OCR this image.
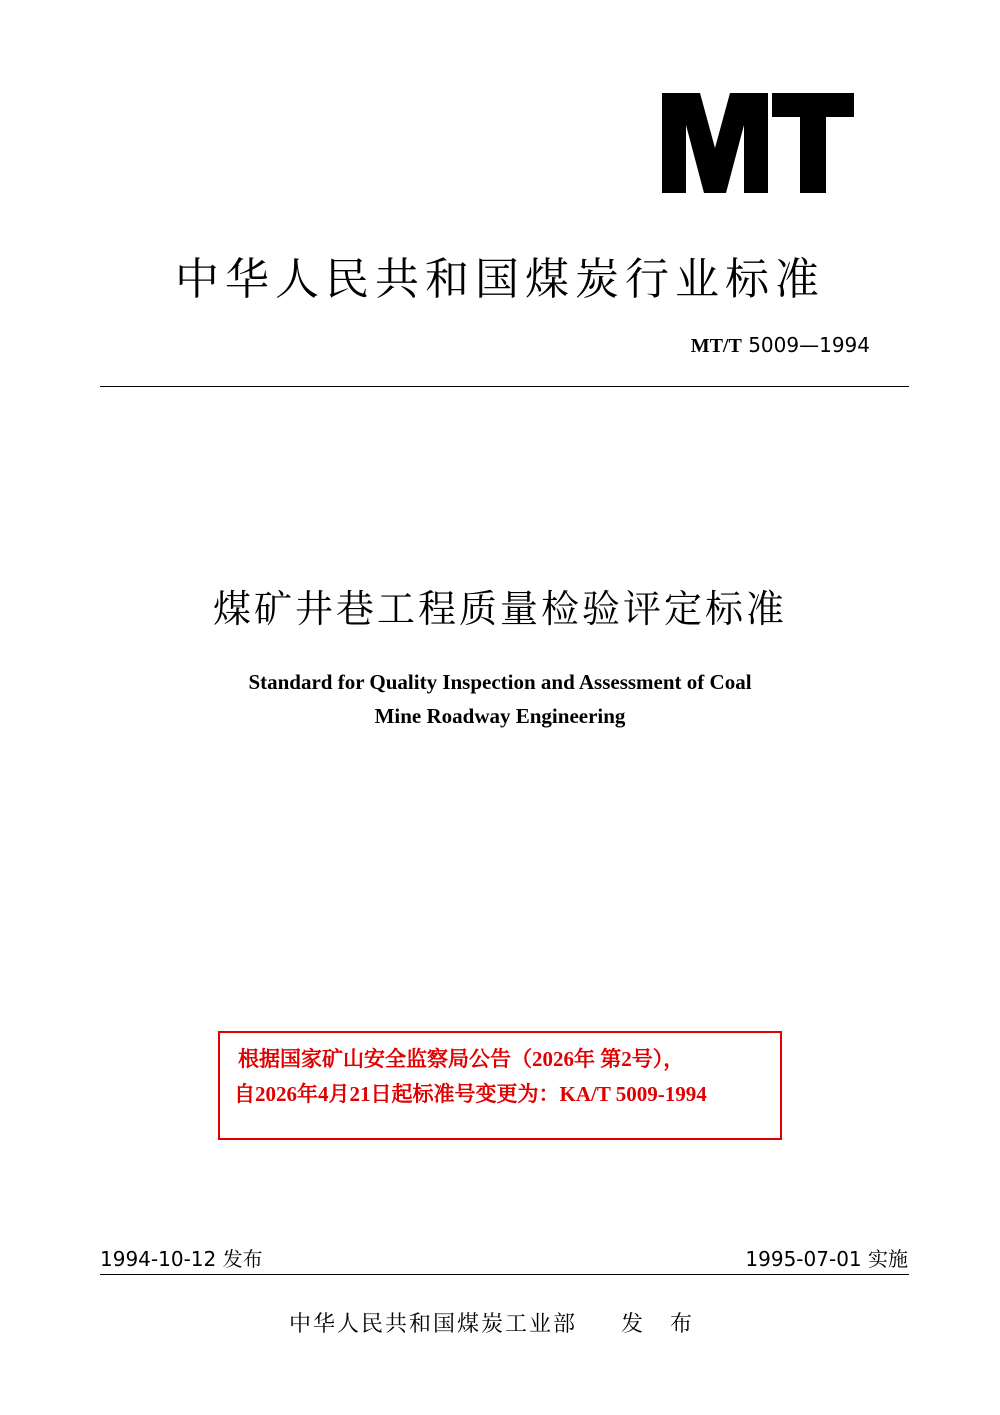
中华人民共和国煤炭行业标准
MT/T 5009—1994
煤矿井巷工程质量检验评定标准
Standard for Quality Inspection and Assessment of Coal
Mine Roadway Engineering
根据国家矿山安全监察局公告（2026年 第2号），
自2026年4月21日起标准号变更为：KA/T 5009-1994
1994-10-12 发布	1995-07-01 实施
中华人民共和国煤炭工业部 发 布
